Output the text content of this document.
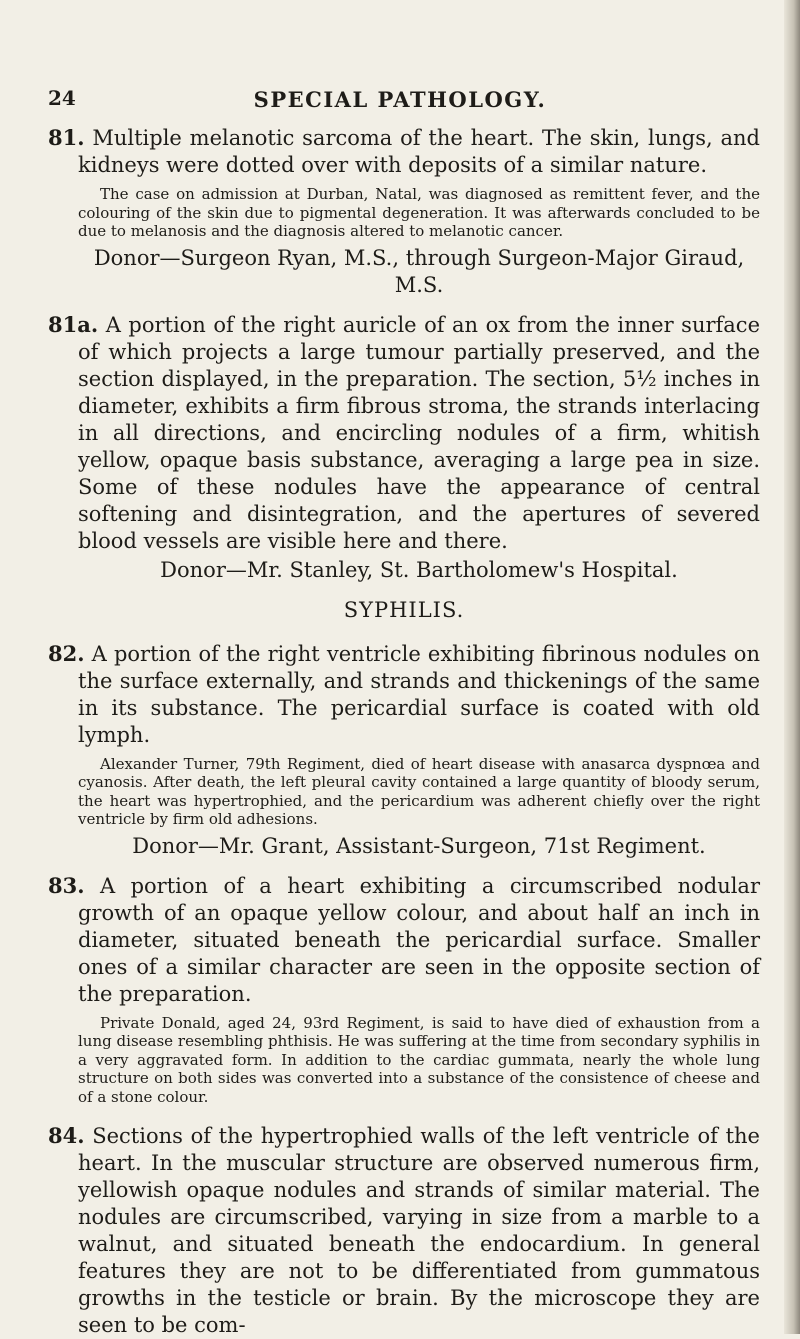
24	SPECIAL PATHOLOGY.

81. Multiple melanotic sarcoma of the heart. The skin, lungs, and kidneys were dotted over with deposits of a similar nature.

The case on admission at Durban, Natal, was diagnosed as remittent fever, and the colouring of the skin due to pigmental degeneration. It was afterwards concluded to be due to melanosis and the diagnosis altered to melanotic cancer.

Donor—Surgeon Ryan, M.S., through Surgeon-Major Giraud, M.S.

81a. A portion of the right auricle of an ox from the inner surface of which projects a large tumour partially preserved, and the section displayed, in the preparation. The section, 5½ inches in diameter, exhibits a firm fibrous stroma, the strands interlacing in all directions, and encircling nodules of a firm, whitish yellow, opaque basis substance, averaging a large pea in size. Some of these nodules have the appearance of central softening and disintegration, and the apertures of severed blood vessels are visible here and there.

Donor—Mr. Stanley, St. Bartholomew's Hospital.

SYPHILIS.

82. A portion of the right ventricle exhibiting fibrinous nodules on the surface externally, and strands and thickenings of the same in its substance. The pericardial surface is coated with old lymph.

Alexander Turner, 79th Regiment, died of heart disease with anasarca dyspnœa and cyanosis. After death, the left pleural cavity contained a large quantity of bloody serum, the heart was hypertrophied, and the pericardium was adherent chiefly over the right ventricle by firm old adhesions.

Donor—Mr. Grant, Assistant-Surgeon, 71st Regiment.

83. A portion of a heart exhibiting a circumscribed nodular growth of an opaque yellow colour, and about half an inch in diameter, situated beneath the pericardial surface. Smaller ones of a similar character are seen in the opposite section of the preparation.

Private Donald, aged 24, 93rd Regiment, is said to have died of exhaustion from a lung disease resembling phthisis. He was suffering at the time from secondary syphilis in a very aggravated form. In addition to the cardiac gummata, nearly the whole lung structure on both sides was converted into a substance of the consistence of cheese and of a stone colour.

84. Sections of the hypertrophied walls of the left ventricle of the heart. In the muscular structure are observed numerous firm, yellowish opaque nodules and strands of similar material. The nodules are circumscribed, varying in size from a marble to a walnut, and situated beneath the endocardium. In general features they are not to be differentiated from gummatous growths in the testicle or brain. By the microscope they are seen to be com-
